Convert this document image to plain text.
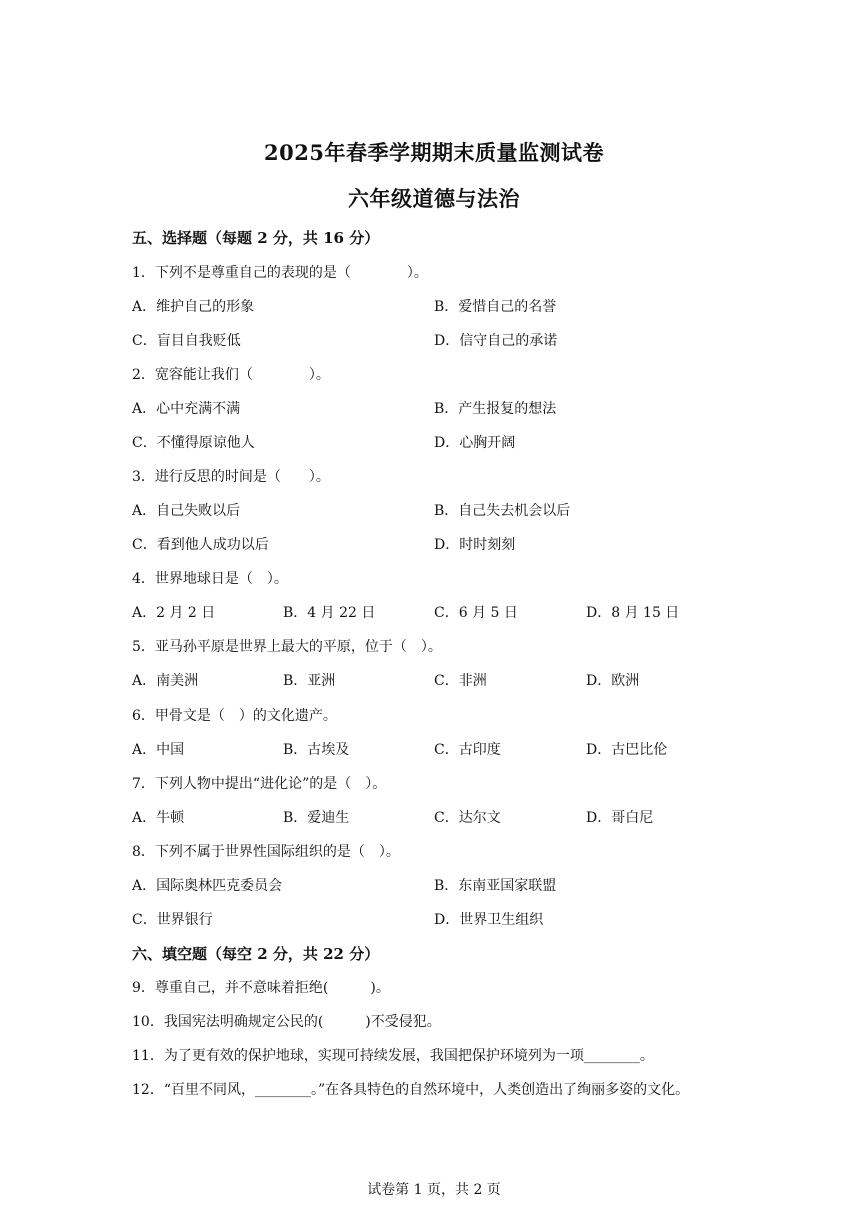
2025年春季学期期末质量监测试卷
六年级道德与法治
五、选择题（每题 2 分，共 16 分）
1．下列不是尊重自己的表现的是（　　　　）。
A．维护自己的形象	B．爱惜自己的名誉
C．盲目自我贬低	D．信守自己的承诺
2．宽容能让我们（　　　　）。
A．心中充满不满	B．产生报复的想法
C．不懂得原谅他人	D．心胸开阔
3．进行反思的时间是（　　）。
A．自己失败以后	B．自己失去机会以后
C．看到他人成功以后	D．时时刻刻
4．世界地球日是（　）。
A．2 月 2 日	B．4 月 22 日	C．6 月 5 日	D．8 月 15 日
5．亚马孙平原是世界上最大的平原，位于（　）。
A．南美洲	B．亚洲	C．非洲	D．欧洲
6．甲骨文是（　）的文化遗产。
A．中国	B．古埃及	C．古印度	D．古巴比伦
7．下列人物中提出“进化论”的是（　）。
A．牛顿	B．爱迪生	C．达尔文	D．哥白尼
8．下列不属于世界性国际组织的是（　）。
A．国际奥林匹克委员会	B．东南亚国家联盟
C．世界银行	D．世界卫生组织
六、填空题（每空 2 分，共 22 分）
9．尊重自己，并不意味着拒绝(　　　)。
10．我国宪法明确规定公民的(　　　)不受侵犯。
11．为了更有效的保护地球，实现可持续发展，我国把保护环境列为一项________。
12．“百里不同风，________。”在各具特色的自然环境中，人类创造出了绚丽多姿的文化。
试卷第 1 页，共 2 页
